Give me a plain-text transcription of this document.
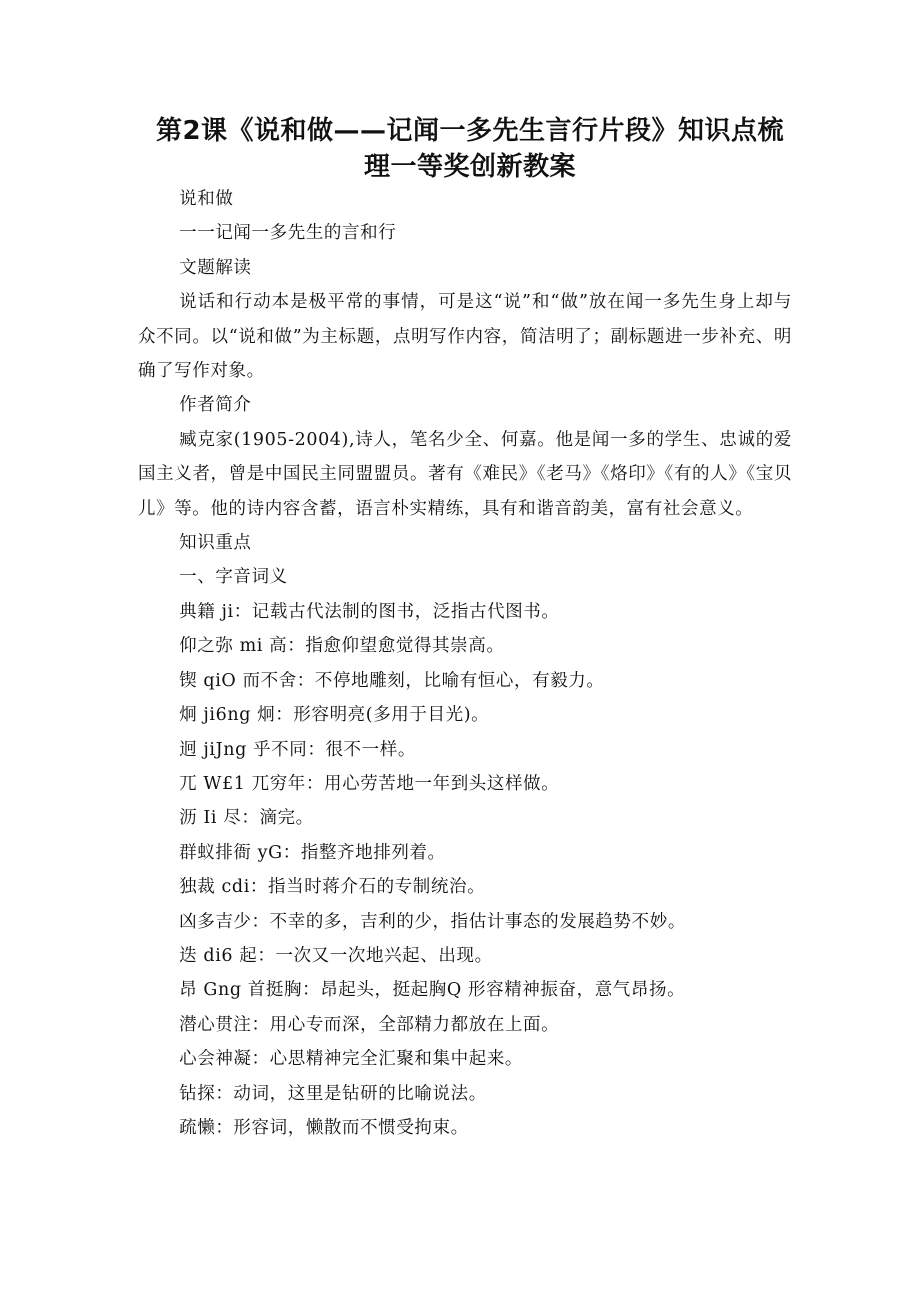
第2课《说和做——记闻一多先生言行片段》知识点梳
理一等奖创新教案

说和做

一一记闻一多先生的言和行

文题解读

说话和行动本是极平常的事情，可是这“说”和“做”放在闻一多先生身上却与众不同。以“说和做”为主标题，点明写作内容，简洁明了；副标题进一步补充、明确了写作对象。

作者简介

臧克家(1905-2004),诗人，笔名少全、何嘉。他是闻一多的学生、忠诚的爱国主义者，曾是中国民主同盟盟员。著有《难民》《老马》《烙印》《有的人》《宝贝儿》等。他的诗内容含蓄，语言朴实精练，具有和谐音韵美，富有社会意义。

知识重点

一、字音词义

典籍 ji：记载古代法制的图书，泛指古代图书。

仰之弥 mi 高：指愈仰望愈觉得其崇高。

锲 qiO 而不舍：不停地雕刻，比喻有恒心，有毅力。

炯 ji6ng 炯：形容明亮(多用于目光)。

迥 jiJng 乎不同：很不一样。

兀 W£1 兀穷年：用心劳苦地一年到头这样做。

沥 Ii 尽：滴完。

群蚁排衙 yG：指整齐地排列着。

独裁 cdi：指当时蒋介石的专制统治。

凶多吉少：不幸的多，吉利的少，指估计事态的发展趋势不妙。

迭 di6 起：一次又一次地兴起、出现。

昂 Gng 首挺胸：昂起头，挺起胸Q 形容精神振奋，意气昂扬。

潜心贯注：用心专而深，全部精力都放在上面。

心会神凝：心思精神完全汇聚和集中起来。

钻探：动词，这里是钻研的比喻说法。

疏懒：形容词，懒散而不惯受拘束。
